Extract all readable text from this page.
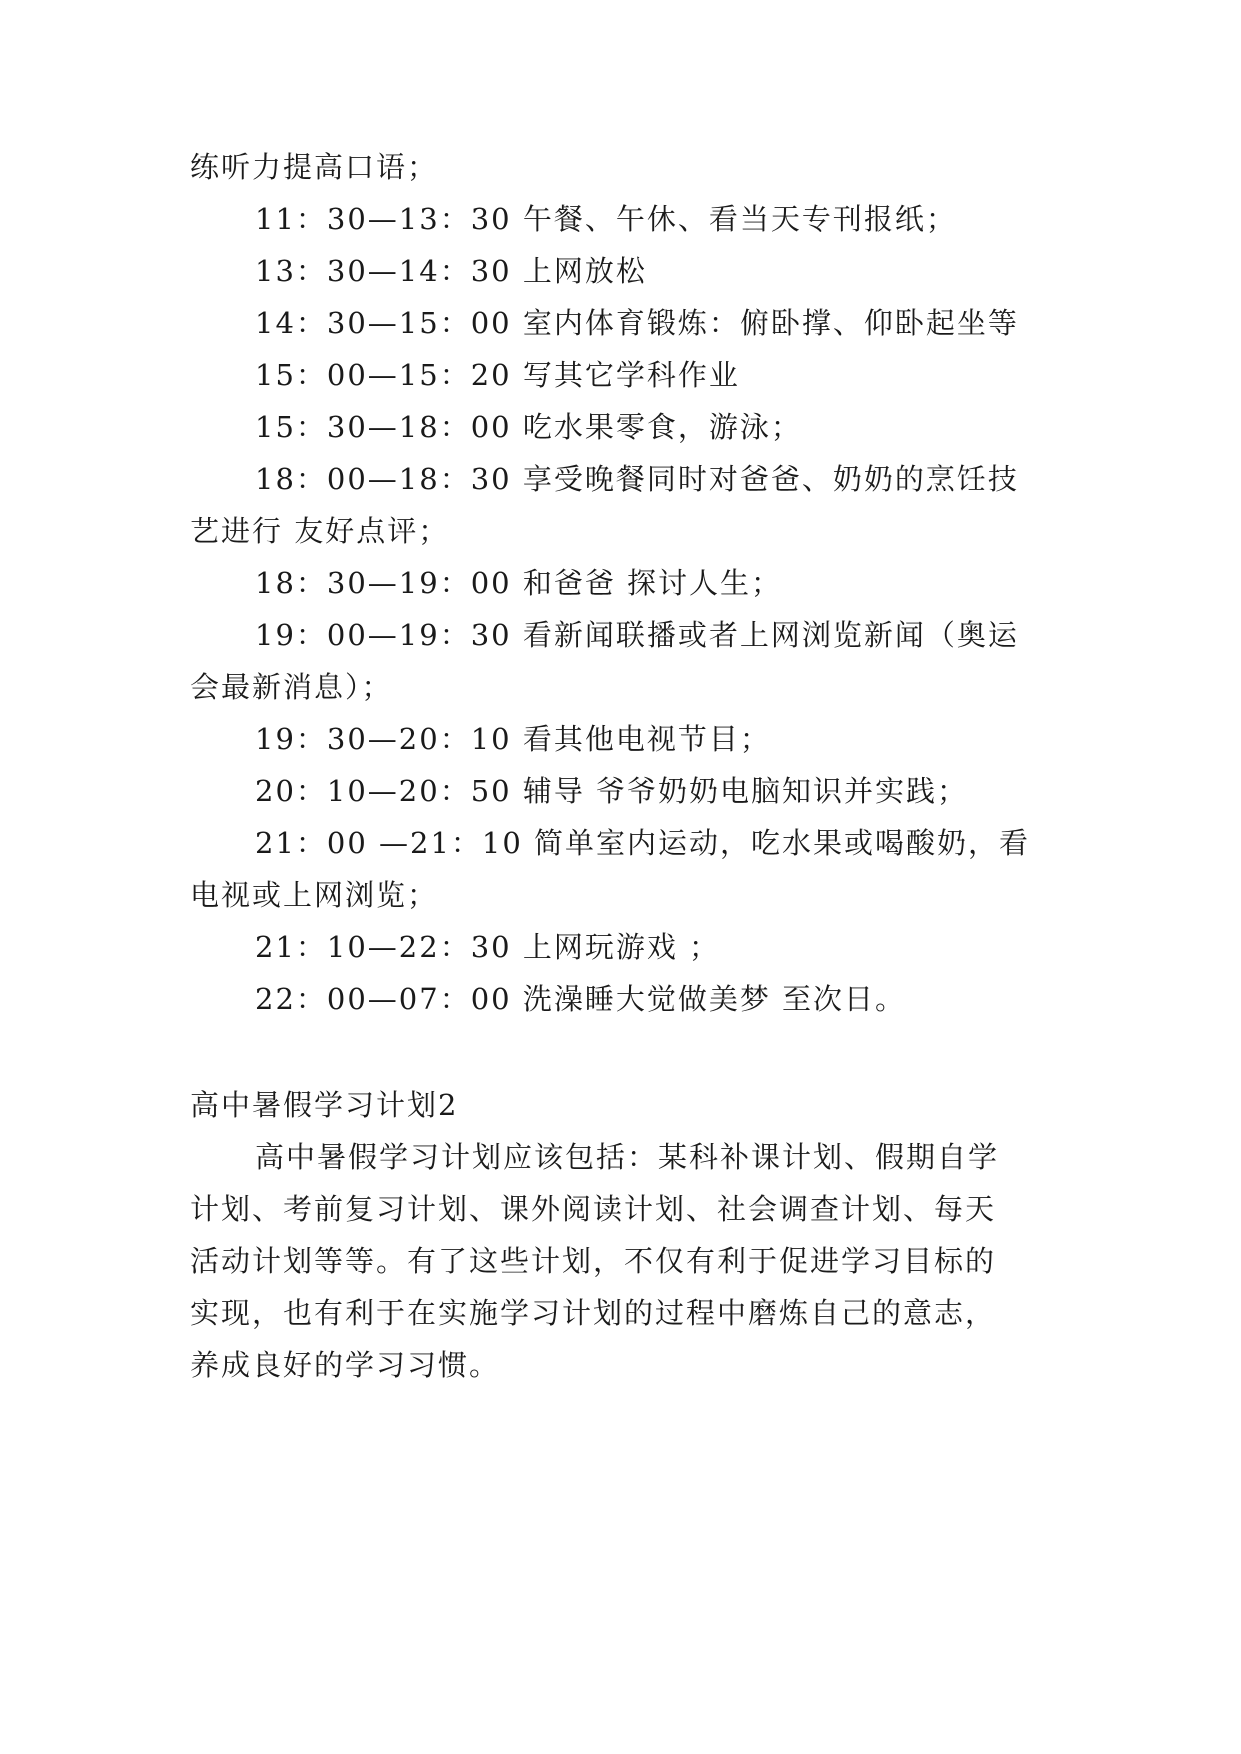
练听力提高口语；
11：30—13：30 午餐、午休、看当天专刊报纸；
13：30—14：30 上网放松
14：30—15：00 室内体育锻炼：俯卧撑、仰卧起坐等
15：00—15：20 写其它学科作业
15：30—18：00 吃水果零食，游泳；
18：00—18：30 享受晚餐同时对爸爸、奶奶的烹饪技
艺进行 友好点评；
18：30—19：00 和爸爸 探讨人生；
19：00—19：30 看新闻联播或者上网浏览新闻（奥运
会最新消息）；
19：30—20：10 看其他电视节目；
20：10—20：50 辅导 爷爷奶奶电脑知识并实践；
21：00 —21：10 简单室内运动，吃水果或喝酸奶，看
电视或上网浏览；
21：10—22：30 上网玩游戏 ；
22：00—07：00 洗澡睡大觉做美梦 至次日。
高中暑假学习计划2
高中暑假学习计划应该包括：某科补课计划、假期自学
计划、考前复习计划、课外阅读计划、社会调查计划、每天
活动计划等等。有了这些计划，不仅有利于促进学习目标的
实现，也有利于在实施学习计划的过程中磨炼自己的意志，
养成良好的学习习惯。
